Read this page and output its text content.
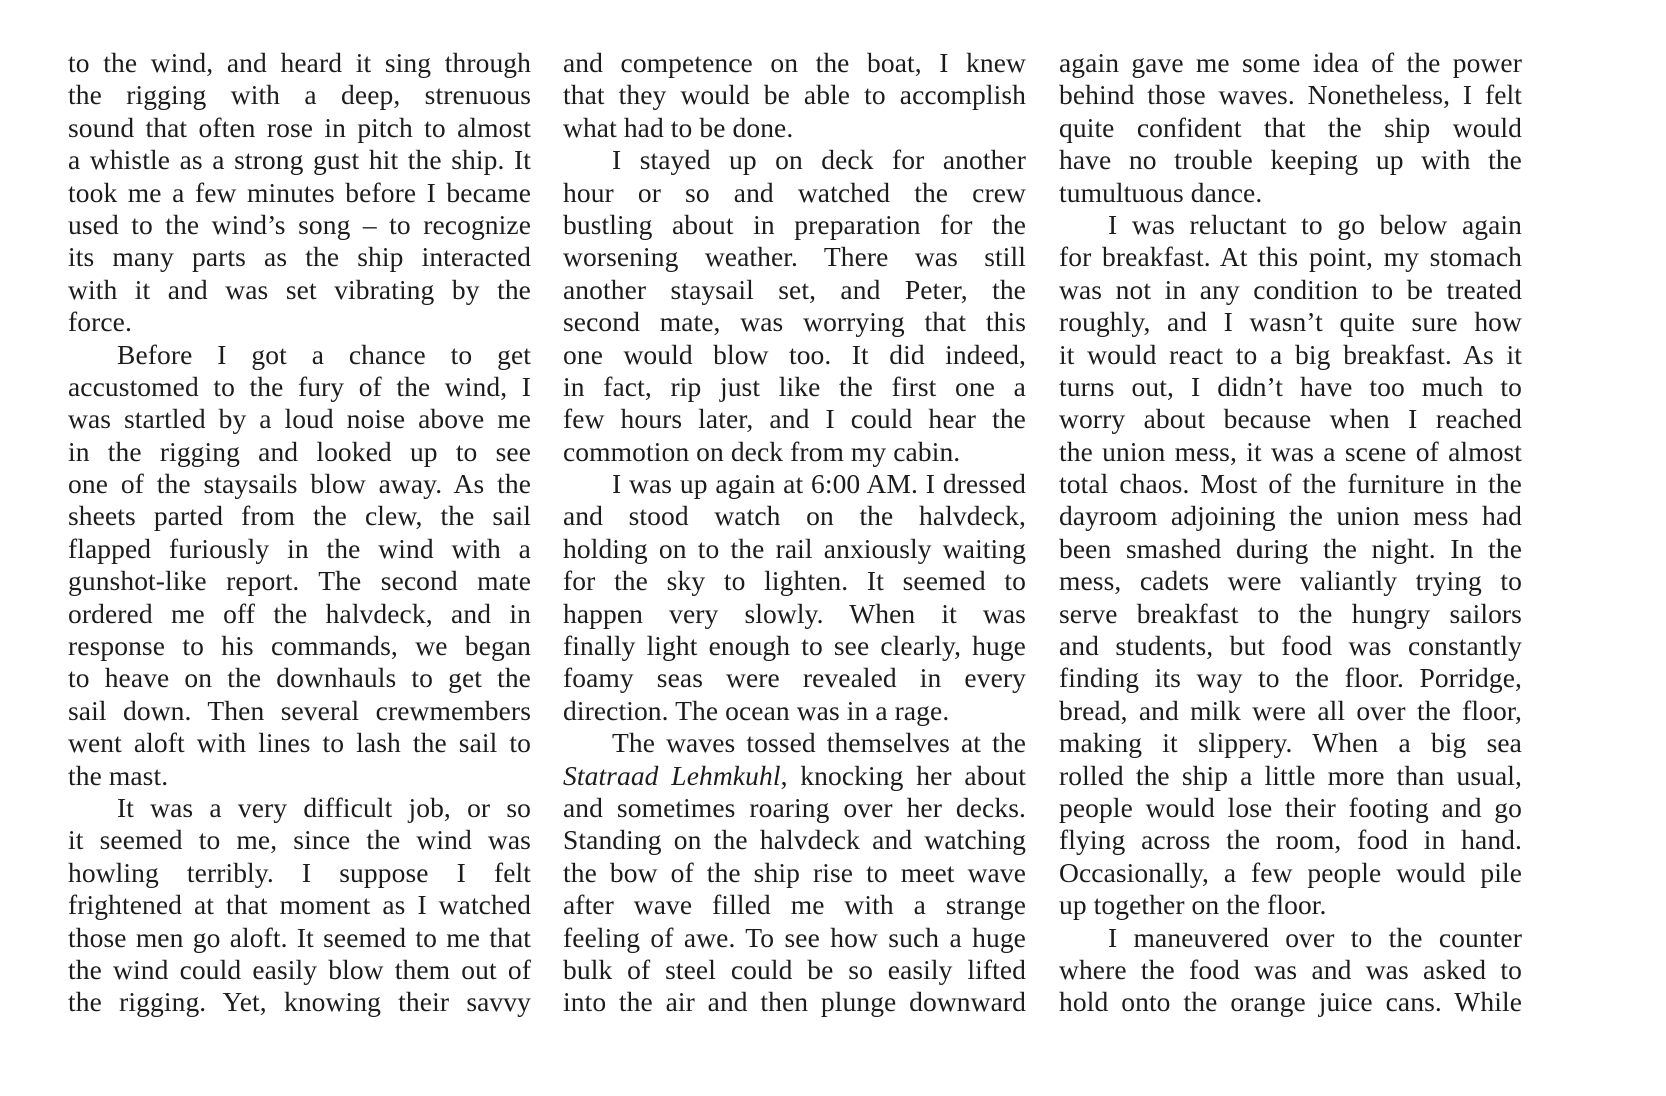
to the wind, and heard it sing through
the rigging with a deep, strenuous
sound that often rose in pitch to almost
a whistle as a strong gust hit the ship. It
took me a few minutes before I became
used to the wind’s song – to recognize
its many parts as the ship interacted
with it and was set vibrating by the
force.
Before I got a chance to get
accustomed to the fury of the wind, I
was startled by a loud noise above me
in the rigging and looked up to see
one of the staysails blow away. As the
sheets parted from the clew, the sail
flapped furiously in the wind with a
gunshot-like report. The second mate
ordered me off the halvdeck, and in
response to his commands, we began
to heave on the downhauls to get the
sail down. Then several crewmembers
went aloft with lines to lash the sail to
the mast.
It was a very difficult job, or so
it seemed to me, since the wind was
howling terribly. I suppose I felt
frightened at that moment as I watched
those men go aloft. It seemed to me that
the wind could easily blow them out of
the rigging. Yet, knowing their savvy
and competence on the boat, I knew
that they would be able to accomplish
what had to be done.
I stayed up on deck for another
hour or so and watched the crew
bustling about in preparation for the
worsening weather. There was still
another staysail set, and Peter, the
second mate, was worrying that this
one would blow too. It did indeed,
in fact, rip just like the first one a
few hours later, and I could hear the
commotion on deck from my cabin.
I was up again at 6:00 AM. I dressed
and stood watch on the halvdeck,
holding on to the rail anxiously waiting
for the sky to lighten. It seemed to
happen very slowly. When it was
finally light enough to see clearly, huge
foamy seas were revealed in every
direction. The ocean was in a rage.
The waves tossed themselves at the
Statraad Lehmkuhl, knocking her about
and sometimes roaring over her decks.
Standing on the halvdeck and watching
the bow of the ship rise to meet wave
after wave filled me with a strange
feeling of awe. To see how such a huge
bulk of steel could be so easily lifted
into the air and then plunge downward
again gave me some idea of the power
behind those waves. Nonetheless, I felt
quite confident that the ship would
have no trouble keeping up with the
tumultuous dance.
I was reluctant to go below again
for breakfast. At this point, my stomach
was not in any condition to be treated
roughly, and I wasn’t quite sure how
it would react to a big breakfast. As it
turns out, I didn’t have too much to
worry about because when I reached
the union mess, it was a scene of almost
total chaos. Most of the furniture in the
dayroom adjoining the union mess had
been smashed during the night. In the
mess, cadets were valiantly trying to
serve breakfast to the hungry sailors
and students, but food was constantly
finding its way to the floor. Porridge,
bread, and milk were all over the floor,
making it slippery. When a big sea
rolled the ship a little more than usual,
people would lose their footing and go
flying across the room, food in hand.
Occasionally, a few people would pile
up together on the floor.
I maneuvered over to the counter
where the food was and was asked to
hold onto the orange juice cans. While
